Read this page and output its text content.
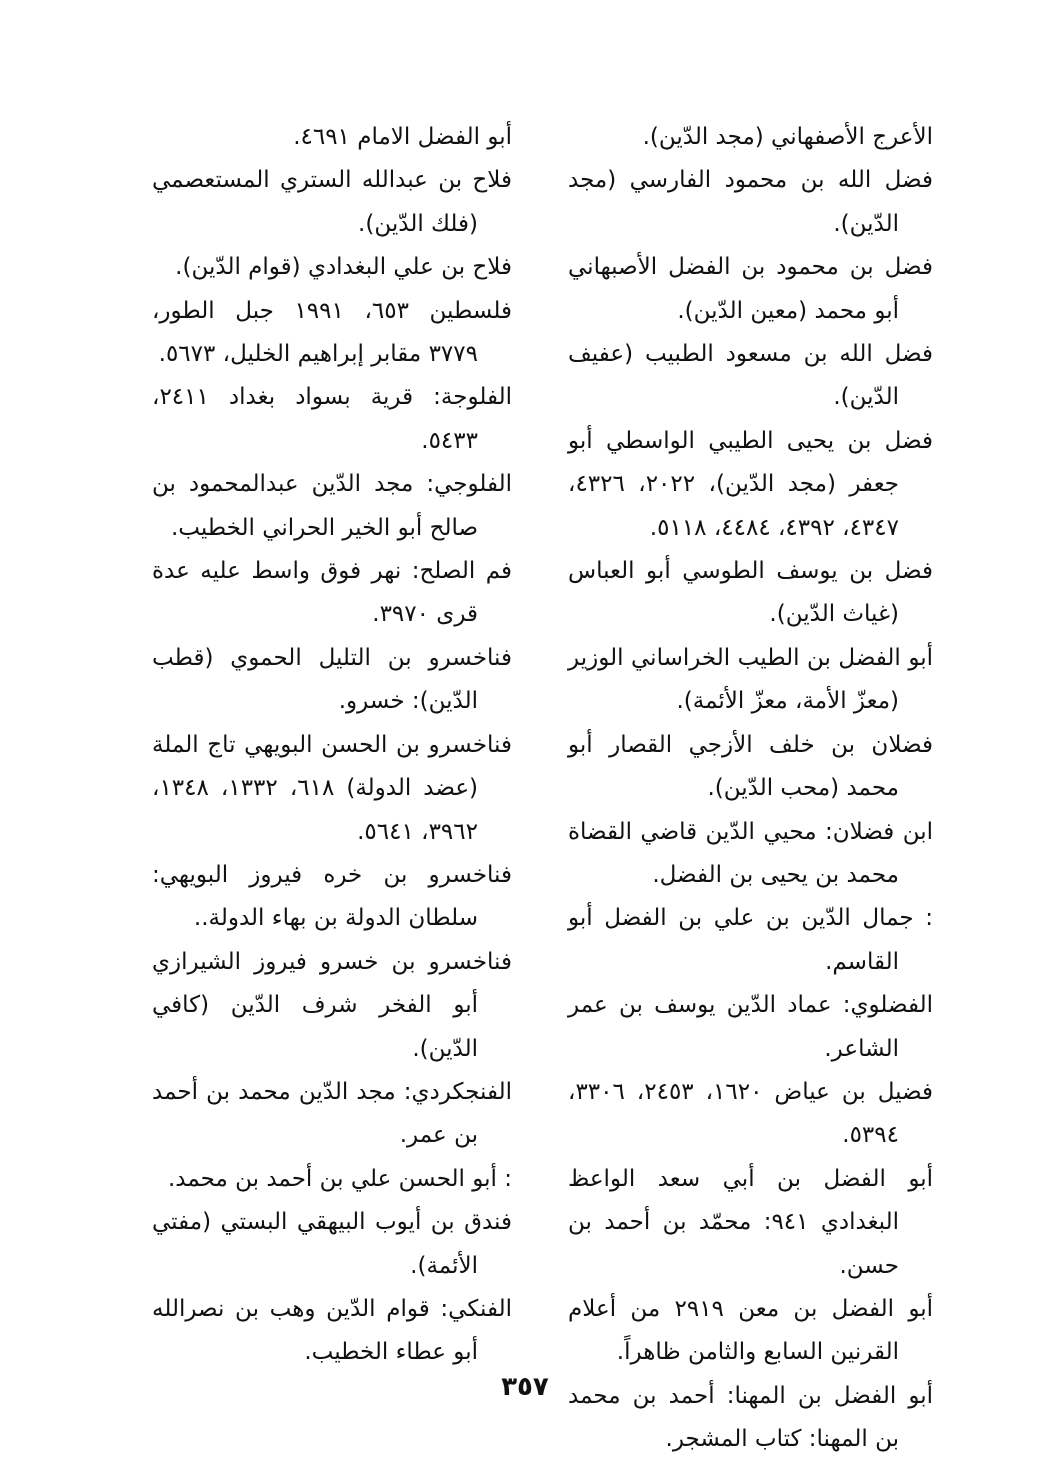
الأعرج الأصفهاني (مجد الدّين).

فضل الله بن محمود الفارسي (مجد الدّين).

فضل بن محمود بن الفضل الأصبهاني أبو محمد (معين الدّين).

فضل الله بن مسعود الطبيب (عفيف الدّين).

فضل بن يحيى الطيبي الواسطي أبو جعفر (مجد الدّين)، ٢٠٢٢، ٤٣٢٦، ٤٣٤٧، ٤٣٩٢، ٤٤٨٤، ٥١١٨.

فضل بن يوسف الطوسي أبو العباس (غياث الدّين).

أبو الفضل بن الطيب الخراساني الوزير (معزّ الأمة، معزّ الأئمة).

فضلان بن خلف الأزجي القصار أبو محمد (محب الدّين).

ابن فضلان: محيي الدّين قاضي القضاة محمد بن يحيى بن الفضل.

: جمال الدّين بن علي بن الفضل أبو القاسم.

الفضلوي: عماد الدّين يوسف بن عمر الشاعر.

فضيل بن عياض ١٦٢٠، ٢٤٥٣، ٣٣٠٦، ٥٣٩٤.

أبو الفضل بن أبي سعد الواعظ البغدادي ٩٤١: محمّد بن أحمد بن حسن.

أبو الفضل بن معن ٢٩١٩ من أعلام القرنين السابع والثامن ظاهراً.

أبو الفضل بن المهنا: أحمد بن محمد بن المهنا: كتاب المشجر.

أبو الفضل الامام ٤٦٩١.

فلاح بن عبدالله الستري المستعصمي (فلك الدّين).

فلاح بن علي البغدادي (قوام الدّين).

فلسطين ٦٥٣، ١٩٩١ جبل الطور، ٣٧٧٩ مقابر إبراهيم الخليل، ٥٦٧٣.

الفلوجة: قرية بسواد بغداد ٢٤١١، ٥٤٣٣.

الفلوجي: مجد الدّين عبدالمحمود بن صالح أبو الخير الحراني الخطيب.

فم الصلح: نهر فوق واسط عليه عدة قرى ٣٩٧٠.

فناخسرو بن التليل الحموي (قطب الدّين): خسرو.

فناخسرو بن الحسن البويهي تاج الملة (عضد الدولة) ٦١٨، ١٣٣٢، ١٣٤٨، ٣٩٦٢، ٥٦٤١.

فناخسرو بن خره فيروز البويهي: سلطان الدولة بن بهاء الدولة..

فناخسرو بن خسرو فيروز الشيرازي أبو الفخر شرف الدّين (كافي الدّين).

الفنجكردي: مجد الدّين محمد بن أحمد بن عمر.

: أبو الحسن علي بن أحمد بن محمد.

فندق بن أيوب البيهقي البستي (مفتي الأئمة).

الفنكي: قوام الدّين وهب بن نصرالله أبو عطاء الخطيب.

٣٥٧
